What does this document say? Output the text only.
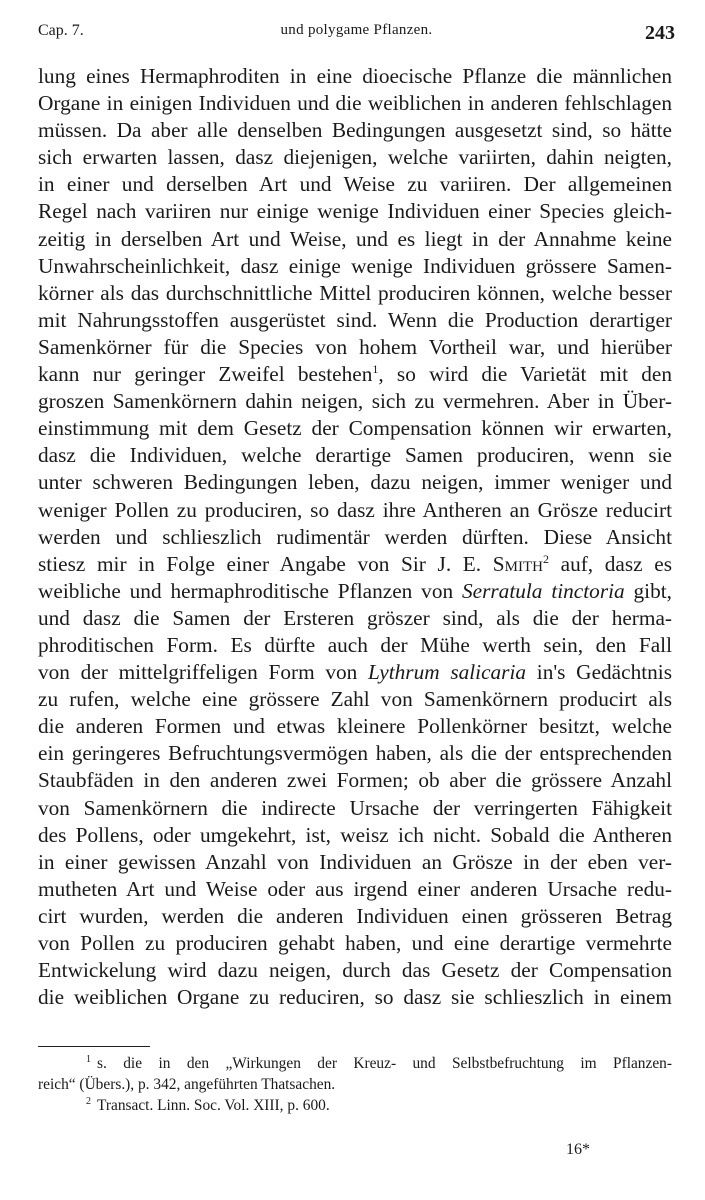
Cap. 7.	und polygame Pflanzen.	243
lung eines Hermaphroditen in eine dioecische Pflanze die männlichen
Organe in einigen Individuen und die weiblichen in anderen fehlschlagen
müssen. Da aber alle denselben Bedingungen ausgesetzt sind, so hätte
sich erwarten lassen, dasz diejenigen, welche variirten, dahin neigten,
in einer und derselben Art und Weise zu variiren. Der allgemeinen
Regel nach variiren nur einige wenige Individuen einer Species gleich-
zeitig in derselben Art und Weise, und es liegt in der Annahme keine
Unwahrscheinlichkeit, dasz einige wenige Individuen grössere Samen-
körner als das durchschnittliche Mittel produciren können, welche besser
mit Nahrungsstoffen ausgerüstet sind. Wenn die Production derartiger
Samenkörner für die Species von hohem Vortheil war, und hierüber
kann nur geringer Zweifel bestehen$^1$, so wird die Varietät mit den
groszen Samenkörnern dahin neigen, sich zu vermehren. Aber in Über-
einstimmung mit dem Gesetz der Compensation können wir erwarten,
dasz die Individuen, welche derartige Samen produciren, wenn sie
unter schweren Bedingungen leben, dazu neigen, immer weniger und
weniger Pollen zu produciren, so dasz ihre Antheren an Grösze reducirt
werden und schlieszlich rudimentär werden dürften. Diese Ansicht
stiesz mir in Folge einer Angabe von Sir J. E. Smith$^2$ auf, dasz es
weibliche und hermaphroditische Pflanzen von Serratula tinctoria gibt,
und dasz die Samen der Ersteren gröszer sind, als die der herma-
phroditischen Form. Es dürfte auch der Mühe werth sein, den Fall
von der mittelgriffeligen Form von Lythrum salicaria in's Gedächtnis
zu rufen, welche eine grössere Zahl von Samenkörnern producirt als
die anderen Formen und etwas kleinere Pollenkörner besitzt, welche
ein geringeres Befruchtungsvermögen haben, als die der entsprechenden
Staubfäden in den anderen zwei Formen; ob aber die grössere Anzahl
von Samenkörnern die indirecte Ursache der verringerten Fähigkeit
des Pollens, oder umgekehrt, ist, weisz ich nicht. Sobald die Antheren
in einer gewissen Anzahl von Individuen an Grösze in der eben ver-
mutheten Art und Weise oder aus irgend einer anderen Ursache redu-
cirt wurden, werden die anderen Individuen einen grösseren Betrag
von Pollen zu produciren gehabt haben, und eine derartige vermehrte
Entwickelung wird dazu neigen, durch das Gesetz der Compensation
die weiblichen Organe zu reduciren, so dasz sie schlieszlich in einem
$^1$ s. die in den „Wirkungen der Kreuz- und Selbstbefruchtung im Pflanzen-
reich“ (Übers.), p. 342, angeführten Thatsachen.
$^2$ Transact. Linn. Soc. Vol. XIII, p. 600.
16*
